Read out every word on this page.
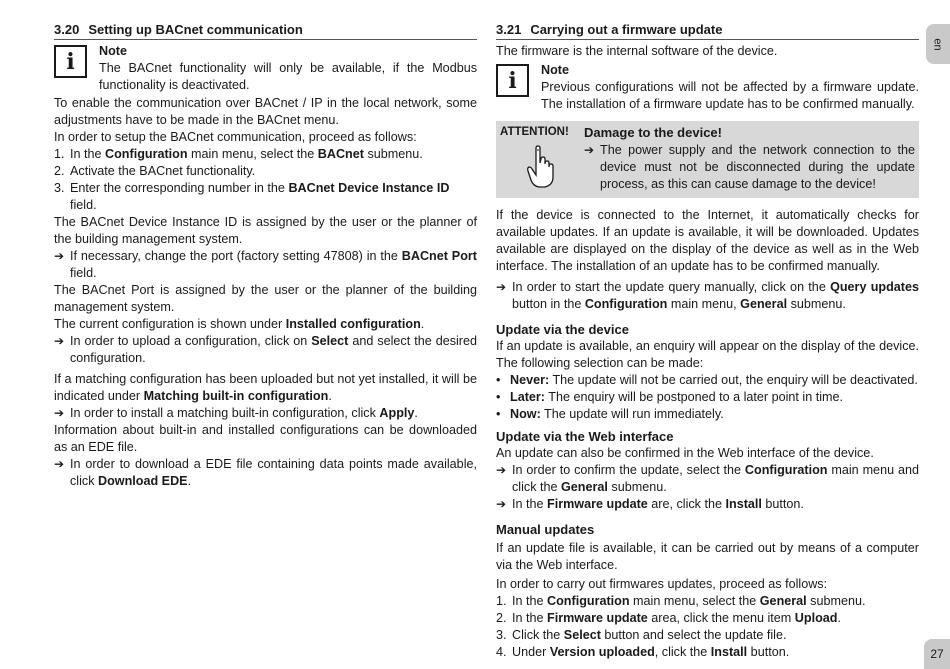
3.20 Setting up BACnet communication
i	Note

The BACnet functionality will only be available, if the Modbus functionality is deactivated.

To enable the communication over BACnet / IP in the local network, some adjustments have to be made in the BACnet menu.

In order to setup the BACnet communication, proceed as follows:

1. In the Configuration main menu, select the BACnet submenu.
2. Activate the BACnet functionality.
3. Enter the corresponding number in the BACnet Device Instance ID field.

The BACnet Device Instance ID is assigned by the user or the planner of the building management system.

➔ If necessary, change the port (factory setting 47808) in the BACnet Port field.

The BACnet Port is assigned by the user or the planner of the building management system.

The current configuration is shown under Installed configuration.

➔ In order to upload a configuration, click on Select and select the desired configuration.

If a matching configuration has been uploaded but not yet installed, it will be indicated under Matching built-in configuration.

➔ In order to install a matching built-in configuration, click Apply.

Information about built-in and installed configurations can be downloaded as an EDE file.

➔ In order to download a EDE file containing data points made available, click Download EDE.
3.21 Carrying out a firmware update

The firmware is the internal software of the device.

i	Note

Previous configurations will not be affected by a firmware update. The installation of a firmware update has to be confirmed manually.

ATTENTION!	Damage to the device!
➔ The power supply and the network connection to the device must not be disconnected during the update process, as this can cause damage to the device!

If the device is connected to the Internet, it automatically checks for available updates. If an update is available, it will be downloaded. Updates available are displayed on the display of the device as well as in the Web interface. The installation of an update has to be confirmed manually.

➔ In order to start the update query manually, click on the Query updates button in the Configuration main menu, General submenu.
Update via the device

If an update is available, an enquiry will appear on the display of the device. The following selection can be made:

• Never: The update will not be carried out, the enquiry will be deactivated.
• Later: The enquiry will be postponed to a later point in time.
• Now: The update will run immediately.
Update via the Web interface

An update can also be confirmed in the Web interface of the device.

➔ In order to confirm the update, select the Configuration main menu and click the General submenu.
➔ In the Firmware update are, click the Install button.
Manual updates

If an update file is available, it can be carried out by means of a computer via the Web interface.

In order to carry out firmwares updates, proceed as follows:

1. In the Configuration main menu, select the General submenu.
2. In the Firmware update area, click the menu item Upload.
3. Click the Select button and select the update file.
4. Under Version uploaded, click the Install button.
en
27
